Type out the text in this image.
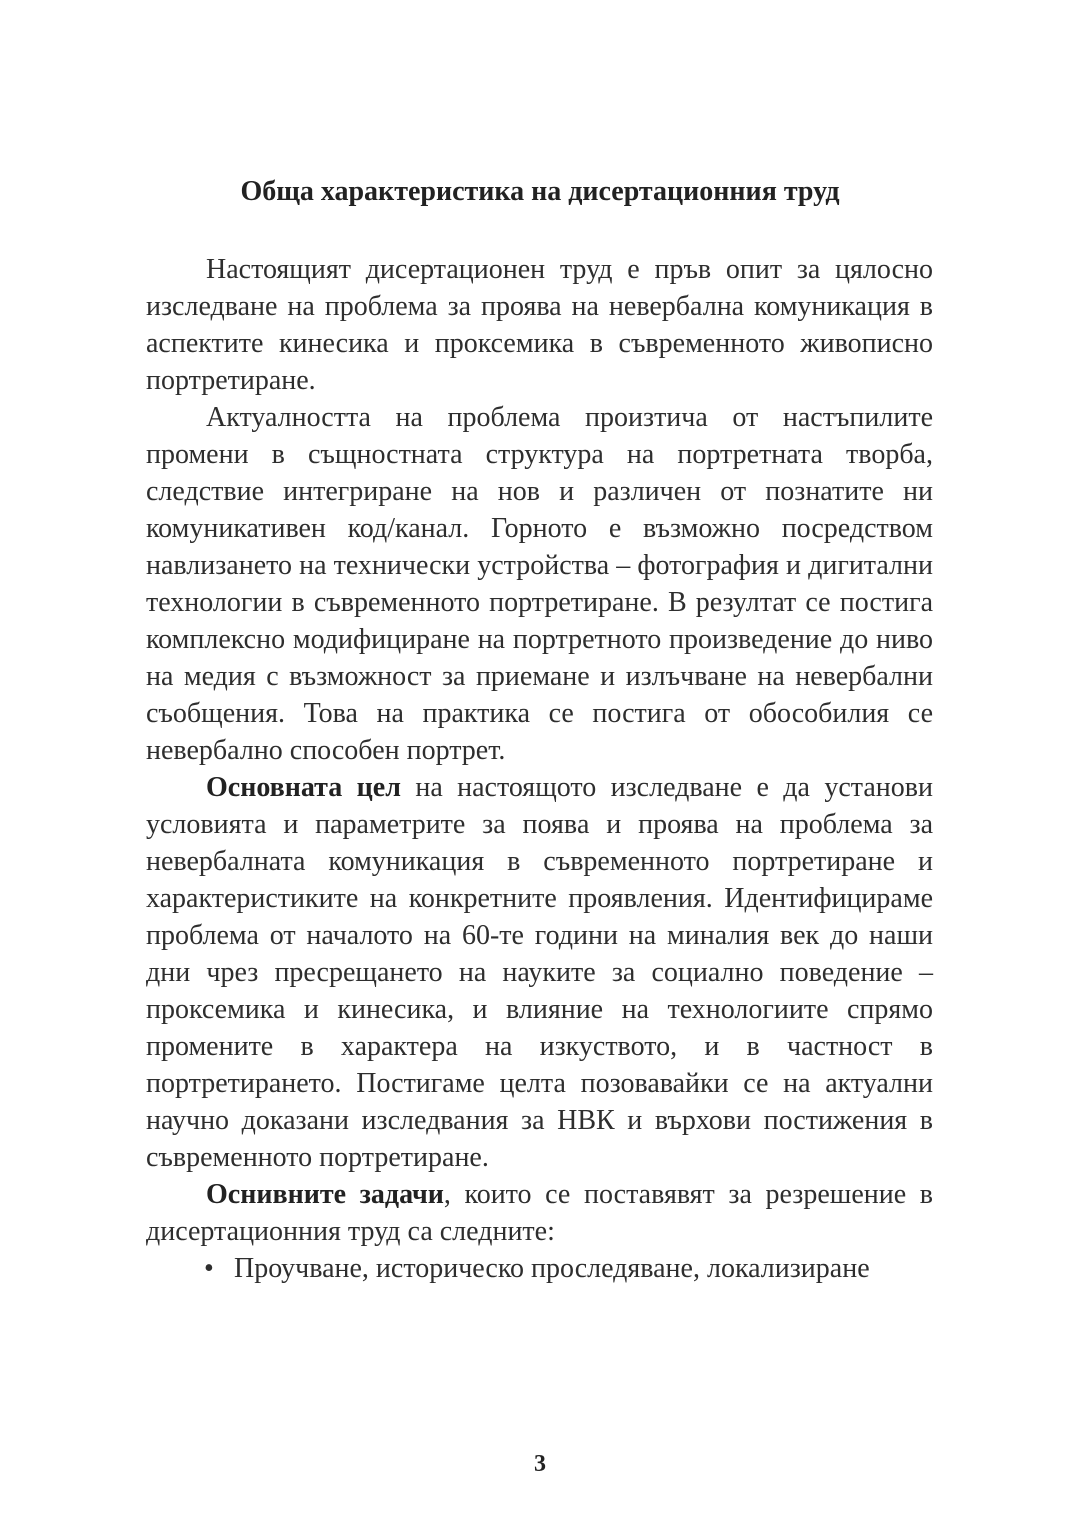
Обща характеристика на дисертационния труд

Настоящият дисертационен труд е пръв опит за цялосно изследване на проблема за проява на невербална комуникация в аспектите кинесика и проксемика в съвременното живописно портретиране.

Актуалността на проблема произтича от настъпилите промени в същностната структура на портретната творба, следствие интегриране на нов и различен от познатите ни комуникативен код/канал. Горното е възможно посредством навлизането на технически устройства – фотография и дигитални технологии в съвременното портретиране. В резултат се постига комплексно модифициране на портретното произведение до ниво на медия с възможност за приемане и излъчване на невербални съобщения. Това на практика се постига от обособилия се невербално способен портрет.

Основната цел на настоящото изследване е да установи условията и параметрите за появa и проява на проблема за невербалната комуникация в съвременното портретиране и характеристиките на конкретните проявления. Идентифицираме проблема от началото на 60-те години на миналия век до наши дни чрез пресрещането на науките за социално поведение – проксемика и кинесика, и влияние на технологиите спрямо промените в характера на изкуството, и в частност в портретирането. Постигаме целта позовавайки се на актуални научно доказани изследвания за НВК и върхови постижения в съвременното портретиране.

Оснивните задачи, които се поставявят за резрешение в дисертационния труд са следните:

• Проучване, историческо проследяване, локализиране
3
